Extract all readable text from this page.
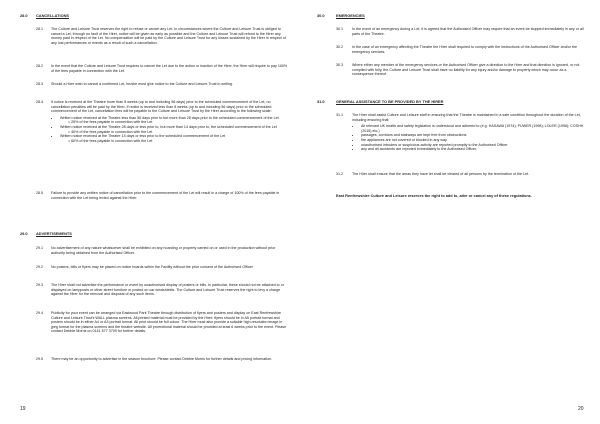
28.0 CANCELLATIONS
28.1	The Culture and Leisure Trust reserves the right to refuse or cancel any Let. In circumstances where the Culture and Leisure Trust is obliged to cancel a Let, through no fault of the Hirer, notice will be given as early as possible and the Culture and Leisure Trust will refund to the Hirer any money paid in respect of the Let. No compensation will be paid by the Culture and Leisure Trust for any losses sustained by the Hirer in respect of any lost performances or events as a result of such a cancellation.
28.2	In the event that the Culture and Leisure Trust requires to cancel the Let due to the action or inaction of the Hirer, the Hirer will require to pay 100% of the fees payable in connection with the Let.
28.3	Should a Hirer wish to cancel a confirmed Let, he/she must give notice to the Culture and Leisure Trust in writing.
28.4	If notice is received at the Theatre more than 8 weeks (up to and including 56 days) prior to the scheduled commencement of the Let, no cancellation penalties will be paid by the Hirer. If notice is received less than 8 weeks (up to and including 56 days) prior to the scheduled commencement of the Let, cancellation fees will be payable to the Culture and Leisure Trust by the Hirer according to the following scale:
• Written notice received at the Theatre less than 56 days prior to but more than 28 days prior to the scheduled commencement of the Let
= 25% of the fees payable in connection with the Let
• Written notice received at the Theatre 28 days or less prior to, but more than 14 days prior to, the scheduled commencement of the Let
= 40% of the fees payable in connection with the Let
• Written notice received at the Theatre 14 days or less prior to the scheduled commencement of the Let
= 60% of the fees payable in connection with the Let
28.5	Failure to provide any written notice of cancellation prior to the commencement of the Let will result in a charge of 100% of the fees payable in connection with the Let being levied against the Hirer.
29.0 ADVERTISEMENTS
29.1	No advertisement of any nature whatsoever shall be exhibited on any hoarding or property carried on or used in the production without prior authority being obtained from the Authorised Officer.
29.2	No posters, bills or flyers may be placed on notice boards within the Facility without the prior consent of the Authorised Officer.
29.3	The Hirer shall not advertise the performance or event by unauthorised display of posters or bills. In particular, these should not be attached to or displayed on lampposts or other street furniture or posted on car windshields. The Culture and Leisure Trust reserves the right to levy a charge against the Hirer for the removal and disposal of any such items.
29.4	Publicity for your event can be arranged via Eastwood Park Theatre through distribution of flyers and posters and display on East Renfrewshire Culture and Leisure Trust's WALL plasma screens. All printed material must be provided by the Hirer: flyers should be in A5 portrait format and posters should be in either A4 or A3 portrait format. All print should be full colour. The Hirer must also provide a suitable high-resolution image in jpeg format for the plasma screens and the theatre website. All promotional material should be provided at least 6 weeks prior to the event. Please contact Debbie Morris on 0141 577 3709 for further details.
29.5	There may be an opportunity to advertise in the season brochure. Please contact Debbie Morris for further details and pricing information.
19
30.0	EMERGENCIES
30.1	In the event of an emergency during a Let, it is agreed that the Authorised Officer may require that an event be stopped immediately in any or all parts of the Theatre.
30.2	In the case of an emergency affecting the Theatre the Hirer shall required to comply with the instructions of the Authorised Officer and/or the emergency services.
30.3	Where either any member of the emergency services or the Authorised Officer give a direction to the Hirer and that direction is ignored, or not complied with fully, the Culture and Leisure Trust shall have no liability for any injury and/or damage to property which may occur as a consequence thereof.
31.0	GENERAL ASSISTANCE TO BE PROVIDED BY THE HIRER
31.1	The Hirer shall assist Culture and Leisure staff in ensuring that the Theatre is maintained in a safe condition throughout the duration of the Let, including ensuring that:
• All relevant UK health and safety legislation is understood and adhered to (e.g. HASAWA (1974); PUWER (1998); LOLER (1998); COSHH (2015) etc.)
• passages, corridors and stairways are kept free from obstructions
• fire appliances are not covered or blocked in any way
• unauthorised intruders or suspicious activity are reported promptly to the Authorised Officer
• any and all accidents are reported immediately to the Authorised Officer.
31.2	The Hirer shall ensure that the areas they have let shall be cleared of all persons by the termination of the Let.
East Renfrewshire Culture and Leisure reserves the right to add to, alter or cancel any of these regulations.
20
